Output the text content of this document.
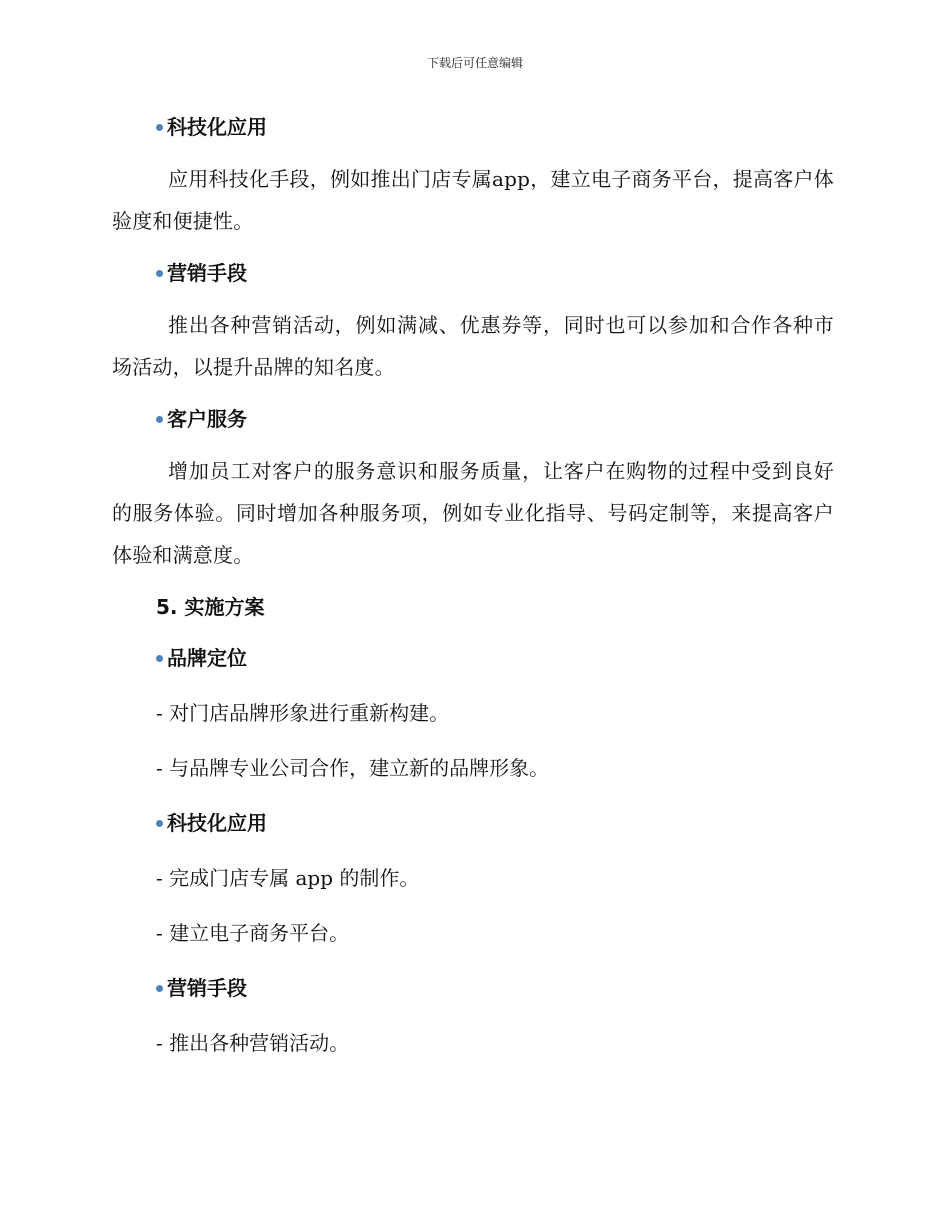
下载后可任意编辑
科技化应用
应用科技化手段，例如推出门店专属app，建立电子商务平台，提高客户体验度和便捷性。
营销手段
推出各种营销活动，例如满减、优惠券等，同时也可以参加和合作各种市场活动，以提升品牌的知名度。
客户服务
增加员工对客户的服务意识和服务质量，让客户在购物的过程中受到良好的服务体验。同时增加各种服务项，例如专业化指导、号码定制等，来提高客户体验和满意度。
5. 实施方案
品牌定位
- 对门店品牌形象进行重新构建。
- 与品牌专业公司合作，建立新的品牌形象。
科技化应用
- 完成门店专属 app 的制作。
- 建立电子商务平台。
营销手段
- 推出各种营销活动。
